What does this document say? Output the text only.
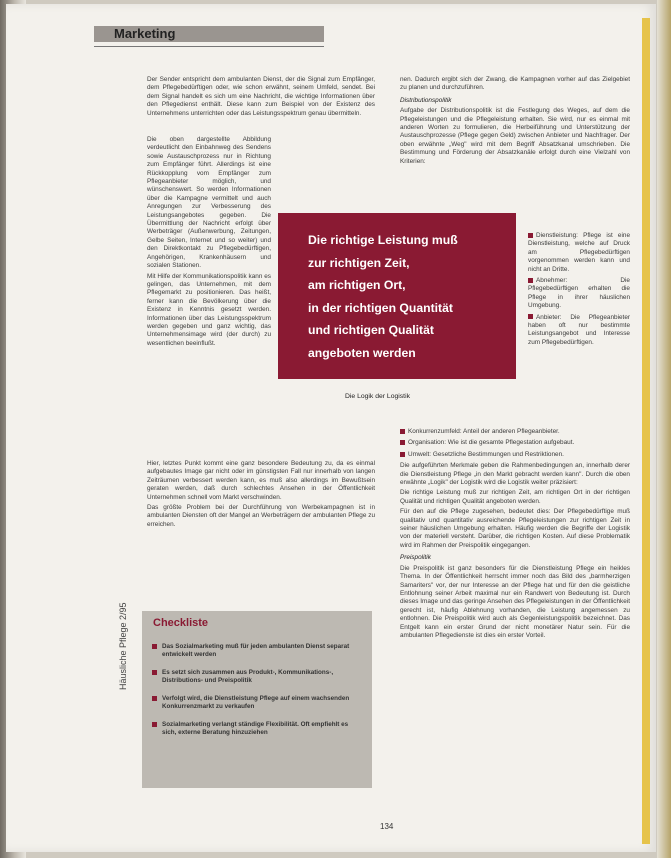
Marketing

Der Sender entspricht dem ambulanten Dienst, der die Signal zum Empfänger, dem Pflegebedürftigen oder, wie schon erwähnt, seinem Umfeld, sendet. Bei dem Signal handelt es sich um eine Nachricht, die wichtige Informationen über den Pflegedienst enthält. Diese kann zum Beispiel von der Existenz des Unternehmens unterrichten oder das Leistungsspektrum genau übermitteln.

Die oben dargestellte Abbildung verdeutlicht den Einbahnweg des Sendens sowie Austauschprozess nur in Richtung zum Empfänger führt. Allerdings ist eine Rückkopplung vom Empfänger zum Pflegeanbieter möglich, und wünschenswert. So werden Informationen über die Kampagne vermittelt und auch Anregungen zur Verbesserung des Leistungsangebotes gegeben. Die Übermittlung der Nachricht erfolgt über Werbeträger (Außenwerbung, Zeitungen, Gelbe Seiten, Internet und so weiter) und den Direktkontakt zu Pflegebedürftigen, Angehörigen, Krankenhäusern und sozialen Stationen.

Mit Hilfe der Kommunikationspolitik kann es gelingen, das Unternehmen, mit dem Pflegemarkt zu positionieren. Das heißt, ferner kann die Bevölkerung über die Existenz in Kenntnis gesetzt werden. Informationen über das Leistungsspektrum werden gegeben und ganz wichtig, das Unternehmensimage wird (der durch) zu wesentlichen beeinflußt.

Hier, letztes Punkt kommt eine ganz besondere Bedeutung zu, da es einmal aufgebautes Image gar nicht oder im günstigsten Fall nur innerhalb von langen Zeiträumen verbessert werden kann, es muß also allerdings im Bewußtsein geraten werden, daß durch schlechtes Ansehen in der Öffentlichkeit Unternehmen schnell vom Markt verschwinden.

Das größte Problem bei der Durchführung von Werbekampagnen ist in ambulanten Diensten oft der Mangel an Werbeträgern der ambulanten Pflege zu erreichen.

nen. Dadurch ergibt sich der Zwang, die Kampagnen vorher auf das Zielgebiet zu planen und durchzuführen.

Distributionspolitik

Aufgabe der Distributionspolitik ist die Festlegung des Weges, auf dem die Pflegeleistungen und die Pflegeleistung erhalten. Sie wird, nur es einmal mit anderen Worten zu formulieren, die Herbeiführung und Unterstützung der Austauschprozesse (Pflege gegen Geld) zwischen Anbieter und Nachfrager. Der oben erwähnte „Weg" wird mit dem Begriff Absatzkanal umschrieben. Die Bestimmung und Förderung der Absatzkanäle erfolgt durch eine Vielzahl von Kriterien:

Dienstleistung: Pflege ist eine Dienstleistung, welche auf Druck am Pflegebedürftigen vorgenommen werden kann und nicht an Dritte.
Abnehmer: Die Pflegebedürftigen erhalten die Pflege in ihrer häuslichen Umgebung.
Anbieter: Die Pflegeanbieter haben oft nur bestimmte Leistungsangebot und Interesse zum Pflegebedürftigen.
Konkurrenzumfeld: Anteil der anderen Pflegeanbieter.
Organisation: Wie ist die gesamte Pflegestation aufgebaut.
Umwelt: Gesetzliche Bestimmungen und Restriktionen.

Die aufgeführten Merkmale geben die Rahmenbedingungen an, innerhalb derer die Dienstleistung Pflege „in den Markt gebracht werden kann". Durch die oben erwähnte „Logik" der Logistik wird die Logistik weiter präzisiert:

Die richtige Leistung muß zur richtigen Zeit, am richtigen Ort in der richtigen Qualität und richtigen Qualität angeboten werden.

Für den auf die Pflege zugesehen, bedeutet dies: Der Pflegebedürftige muß qualitativ und quantitativ ausreichende Pflegeleistungen zur richtigen Zeit in seiner häuslichen Umgebung erhalten. Häufig werden die Begriffe der Logistik von der materiell versteht. Darüber, die richtigen Kosten. Auf diese Problematik wird im Rahmen der Preispolitik eingegangen.

Preispolitik

Die Preispolitik ist ganz besonders für die Dienstleistung Pflege ein heikles Thema. In der Öffentlichkeit herrscht immer noch das Bild des „barmherzigen Samariters" vor, der nur Interesse an der Pflege hat und für den die geistliche Entlohnung seiner Arbeit maximal nur ein Randwert von Bedeutung ist. Durch dieses Image und das geringe Ansehen des Pflegeleistungen in der Öffentlichkeit gerecht ist, häufig Ablehnung vorhanden, die Leistung angemessen zu entlohnen. Die Preispolitik wird auch als Gegenleistungspolitik bezeichnet. Das Entgelt kann ein erster Grund der nicht monetärer Natur sein. Für die ambulanten Pflegedienste ist dies ein erster Vorteil.

Die richtige Leistung muß
zur richtigen Zeit,
am richtigen Ort,
in der richtigen Quantität
und richtigen Qualität
angeboten werden
Die Logik der Logistik
Checkliste
Das Sozialmarketing muß für jeden ambulanten Dienst separat entwickelt werden
Es setzt sich zusammen aus Produkt-, Kommunikations-, Distributions- und Preispolitik
Verfolgt wird, die Dienstleistung Pflege auf einem wachsenden Konkurrenzmarkt zu verkaufen
Sozialmarketing verlangt ständige Flexibilität. Oft empfiehlt es sich, externe Beratung hinzuziehen
Häusliche Pflege 2/95
134
